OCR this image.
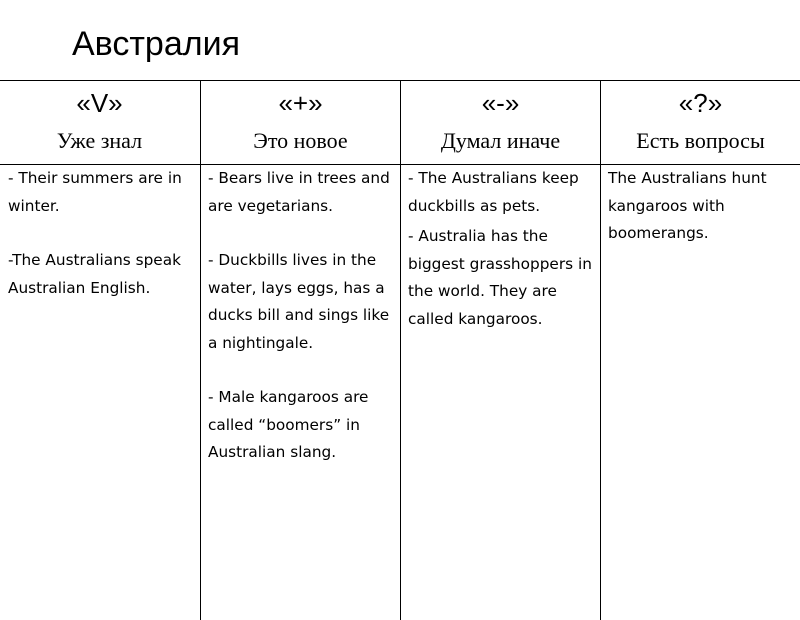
Австралия
«V»
Уже знал
«+»
Это новое
«-»
Думал иначе
«?»
Есть вопросы

- Their summers are in winter.

-The Australians speak Australian English.

- Bears live in trees and are vegetarians.

- Duckbills lives in the water, lays eggs, has a ducks bill and sings like a nightingale.

- Male kangaroos are called “boomers” in Australian slang.

- The Australians keep duckbills as pets.

- Australia has the biggest grasshoppers in the world. They are called kangaroos.

The Australians hunt kangaroos with boomerangs.
